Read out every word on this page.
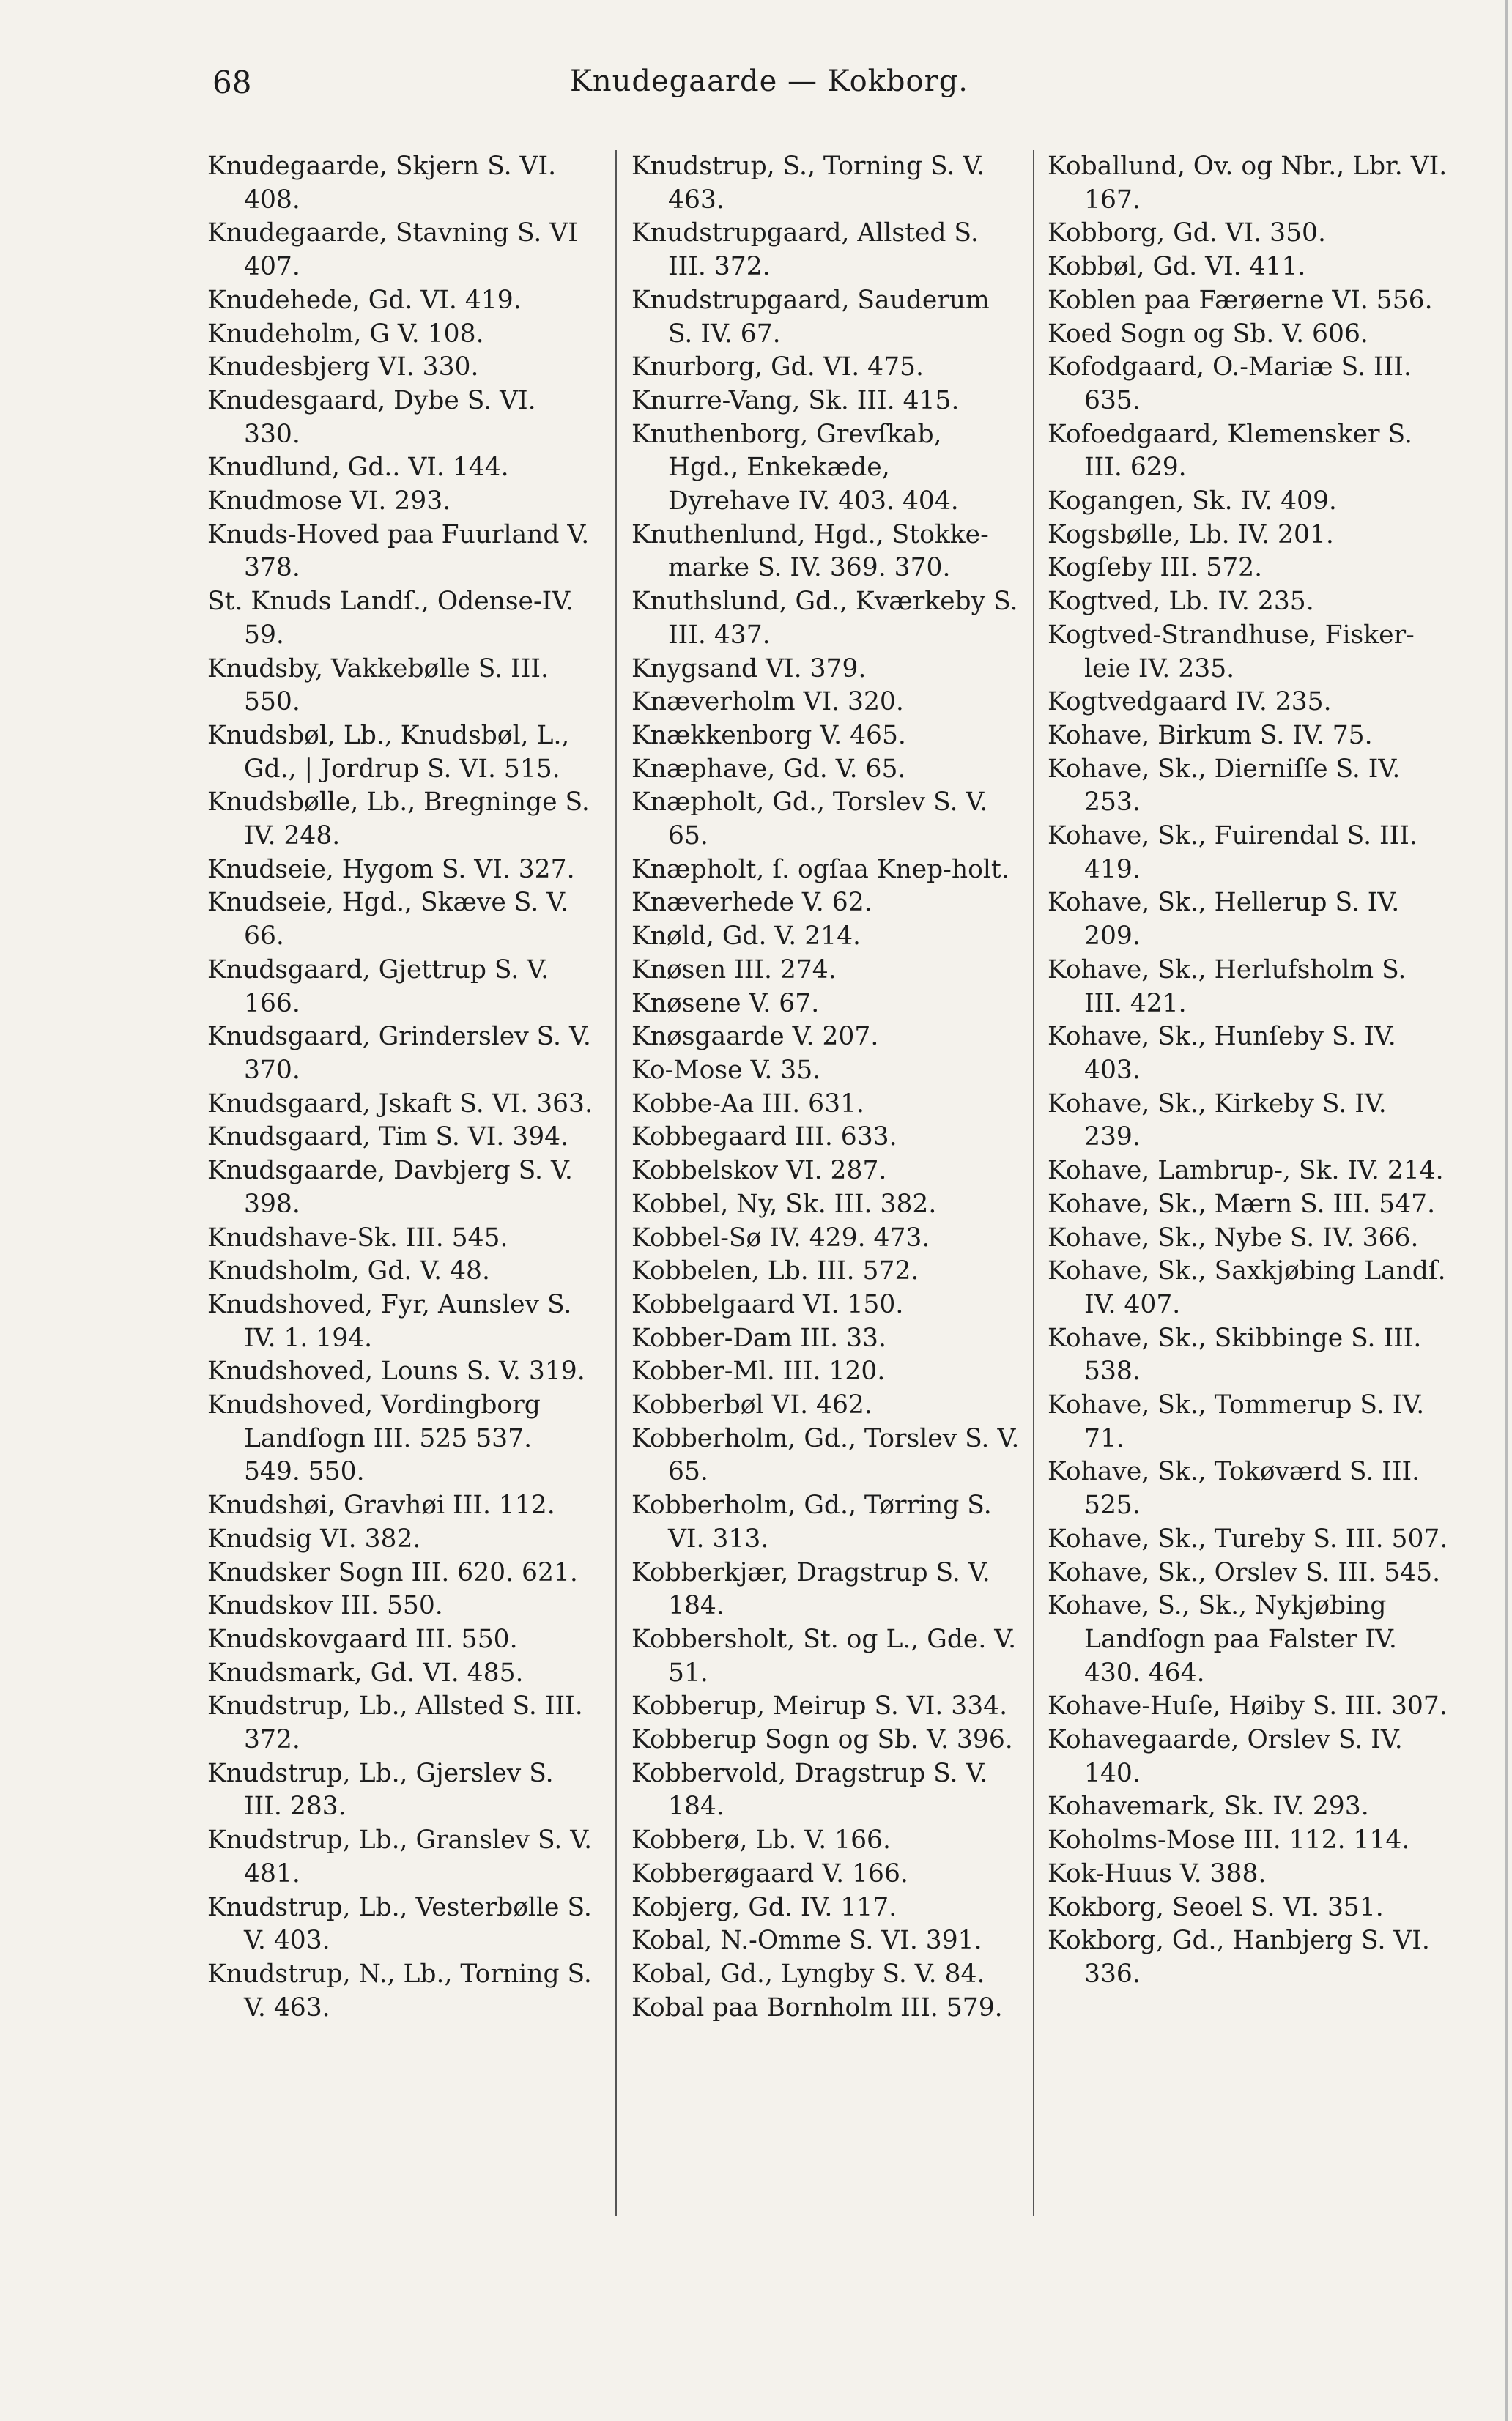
68	Knudegaarde — Kokborg.
Knudegaarde, Skjern S. VI. 408.
Knudegaarde, Stavning S. VI 407.
Knudehede, Gd. VI. 419.
Knudeholm, G V. 108.
Knudesbjerg VI. 330.
Knudesgaard, Dybe S. VI. 330.
Knudlund, Gd.. VI. 144.
Knudmose VI. 293.
Knuds-Hoved paa Fuurland V. 378.
St. Knuds Landſ., Odense-IV. 59.
Knudsby, Vakkebølle S. III. 550.
Knudsbøl, Lb., Knudsbøl, L., Gd., | Jordrup S. VI. 515.
Knudsbølle, Lb., Bregninge S. IV. 248.
Knudseie, Hygom S. VI. 327.
Knudseie, Hgd., Skæve S. V. 66.
Knudsgaard, Gjettrup S. V. 166.
Knudsgaard, Grinderslev S. V. 370.
Knudsgaard, Jskaft S. VI. 363.
Knudsgaard, Tim S. VI. 394.
Knudsgaarde, Davbjerg S. V. 398.
Knudshave-Sk. III. 545.
Knudsholm, Gd. V. 48.
Knudshoved, Fyr, Aunslev S. IV. 1. 194.
Knudshoved, Louns S. V. 319.
Knudshoved, Vordingborg Landſogn III. 525 537. 549. 550.
Knudshøi, Gravhøi III. 112.
Knudsig VI. 382.
Knudsker Sogn III. 620. 621.
Knudskov III. 550.
Knudskovgaard III. 550.
Knudsmark, Gd. VI. 485.
Knudstrup, Lb., Allsted S. III. 372.
Knudstrup, Lb., Gjerslev S. III. 283.
Knudstrup, Lb., Granslev S. V. 481.
Knudstrup, Lb., Vesterbølle S. V. 403.
Knudstrup, N., Lb., Torning S. V. 463.
Knudstrup, S., Torning S. V. 463.
Knudstrupgaard, Allsted S. III. 372.
Knudstrupgaard, Sauderum S. IV. 67.
Knurborg, Gd. VI. 475.
Knurre-Vang, Sk. III. 415.
Knuthenborg, Grevſkab, Hgd., Enkekæde, Dyrehave IV. 403. 404.
Knuthenlund, Hgd., Stokke-marke S. IV. 369. 370.
Knuthslund, Gd., Kværkeby S. III. 437.
Knygsand VI. 379.
Knæverholm VI. 320.
Knækkenborg V. 465.
Knæphave, Gd. V. 65.
Knæpholt, Gd., Torslev S. V. 65.
Knæpholt, ſ. ogſaa Knep-holt.
Knæverhede V. 62.
Knøld, Gd. V. 214.
Knøsen III. 274.
Knøsene V. 67.
Knøsgaarde V. 207.
Ko-Mose V. 35.
Kobbe-Aa III. 631.
Kobbegaard III. 633.
Kobbelskov VI. 287.
Kobbel, Ny, Sk. III. 382.
Kobbel-Sø IV. 429. 473.
Kobbelen, Lb. III. 572.
Kobbelgaard VI. 150.
Kobber-Dam III. 33.
Kobber-Ml. III. 120.
Kobberbøl VI. 462.
Kobberholm, Gd., Torslev S. V. 65.
Kobberholm, Gd., Tørring S. VI. 313.
Kobberkjær, Dragstrup S. V. 184.
Kobbersholt, St. og L., Gde. V. 51.
Kobberup, Meirup S. VI. 334.
Kobberup Sogn og Sb. V. 396.
Kobbervold, Dragstrup S. V. 184.
Kobberø, Lb. V. 166.
Kobberøgaard V. 166.
Kobjerg, Gd. IV. 117.
Kobal, N.-Omme S. VI. 391.
Kobal, Gd., Lyngby S. V. 84.
Kobal paa Bornholm III. 579.
Koballund, Ov. og Nbr., Lbr. VI. 167.
Kobborg, Gd. VI. 350.
Kobbøl, Gd. VI. 411.
Koblen paa Færøerne VI. 556.
Koed Sogn og Sb. V. 606.
Kofodgaard, O.-Mariæ S. III. 635.
Kofoedgaard, Klemensker S. III. 629.
Kogangen, Sk. IV. 409.
Kogsbølle, Lb. IV. 201.
Kogſeby III. 572.
Kogtved, Lb. IV. 235.
Kogtved-Strandhuse, Fisker-leie IV. 235.
Kogtvedgaard IV. 235.
Kohave, Birkum S. IV. 75.
Kohave, Sk., Dierniſſe S. IV. 253.
Kohave, Sk., Fuirendal S. III. 419.
Kohave, Sk., Hellerup S. IV. 209.
Kohave, Sk., Herlufsholm S. III. 421.
Kohave, Sk., Hunſeby S. IV. 403.
Kohave, Sk., Kirkeby S. IV. 239.
Kohave, Lambrup-, Sk. IV. 214.
Kohave, Sk., Mærn S. III. 547.
Kohave, Sk., Nybe S. IV. 366.
Kohave, Sk., Saxkjøbing Landſ. IV. 407.
Kohave, Sk., Skibbinge S. III. 538.
Kohave, Sk., Tommerup S. IV. 71.
Kohave, Sk., Tokøværd S. III. 525.
Kohave, Sk., Tureby S. III. 507.
Kohave, Sk., Orslev S. III. 545.
Kohave, S., Sk., Nykjøbing Landſogn paa Falster IV. 430. 464.
Kohave-Huſe, Høiby S. III. 307.
Kohavegaarde, Orslev S. IV. 140.
Kohavemark, Sk. IV. 293.
Koholms-Mose III. 112. 114.
Kok-Huus V. 388.
Kokborg, Seoel S. VI. 351.
Kokborg, Gd., Hanbjerg S. VI. 336.
